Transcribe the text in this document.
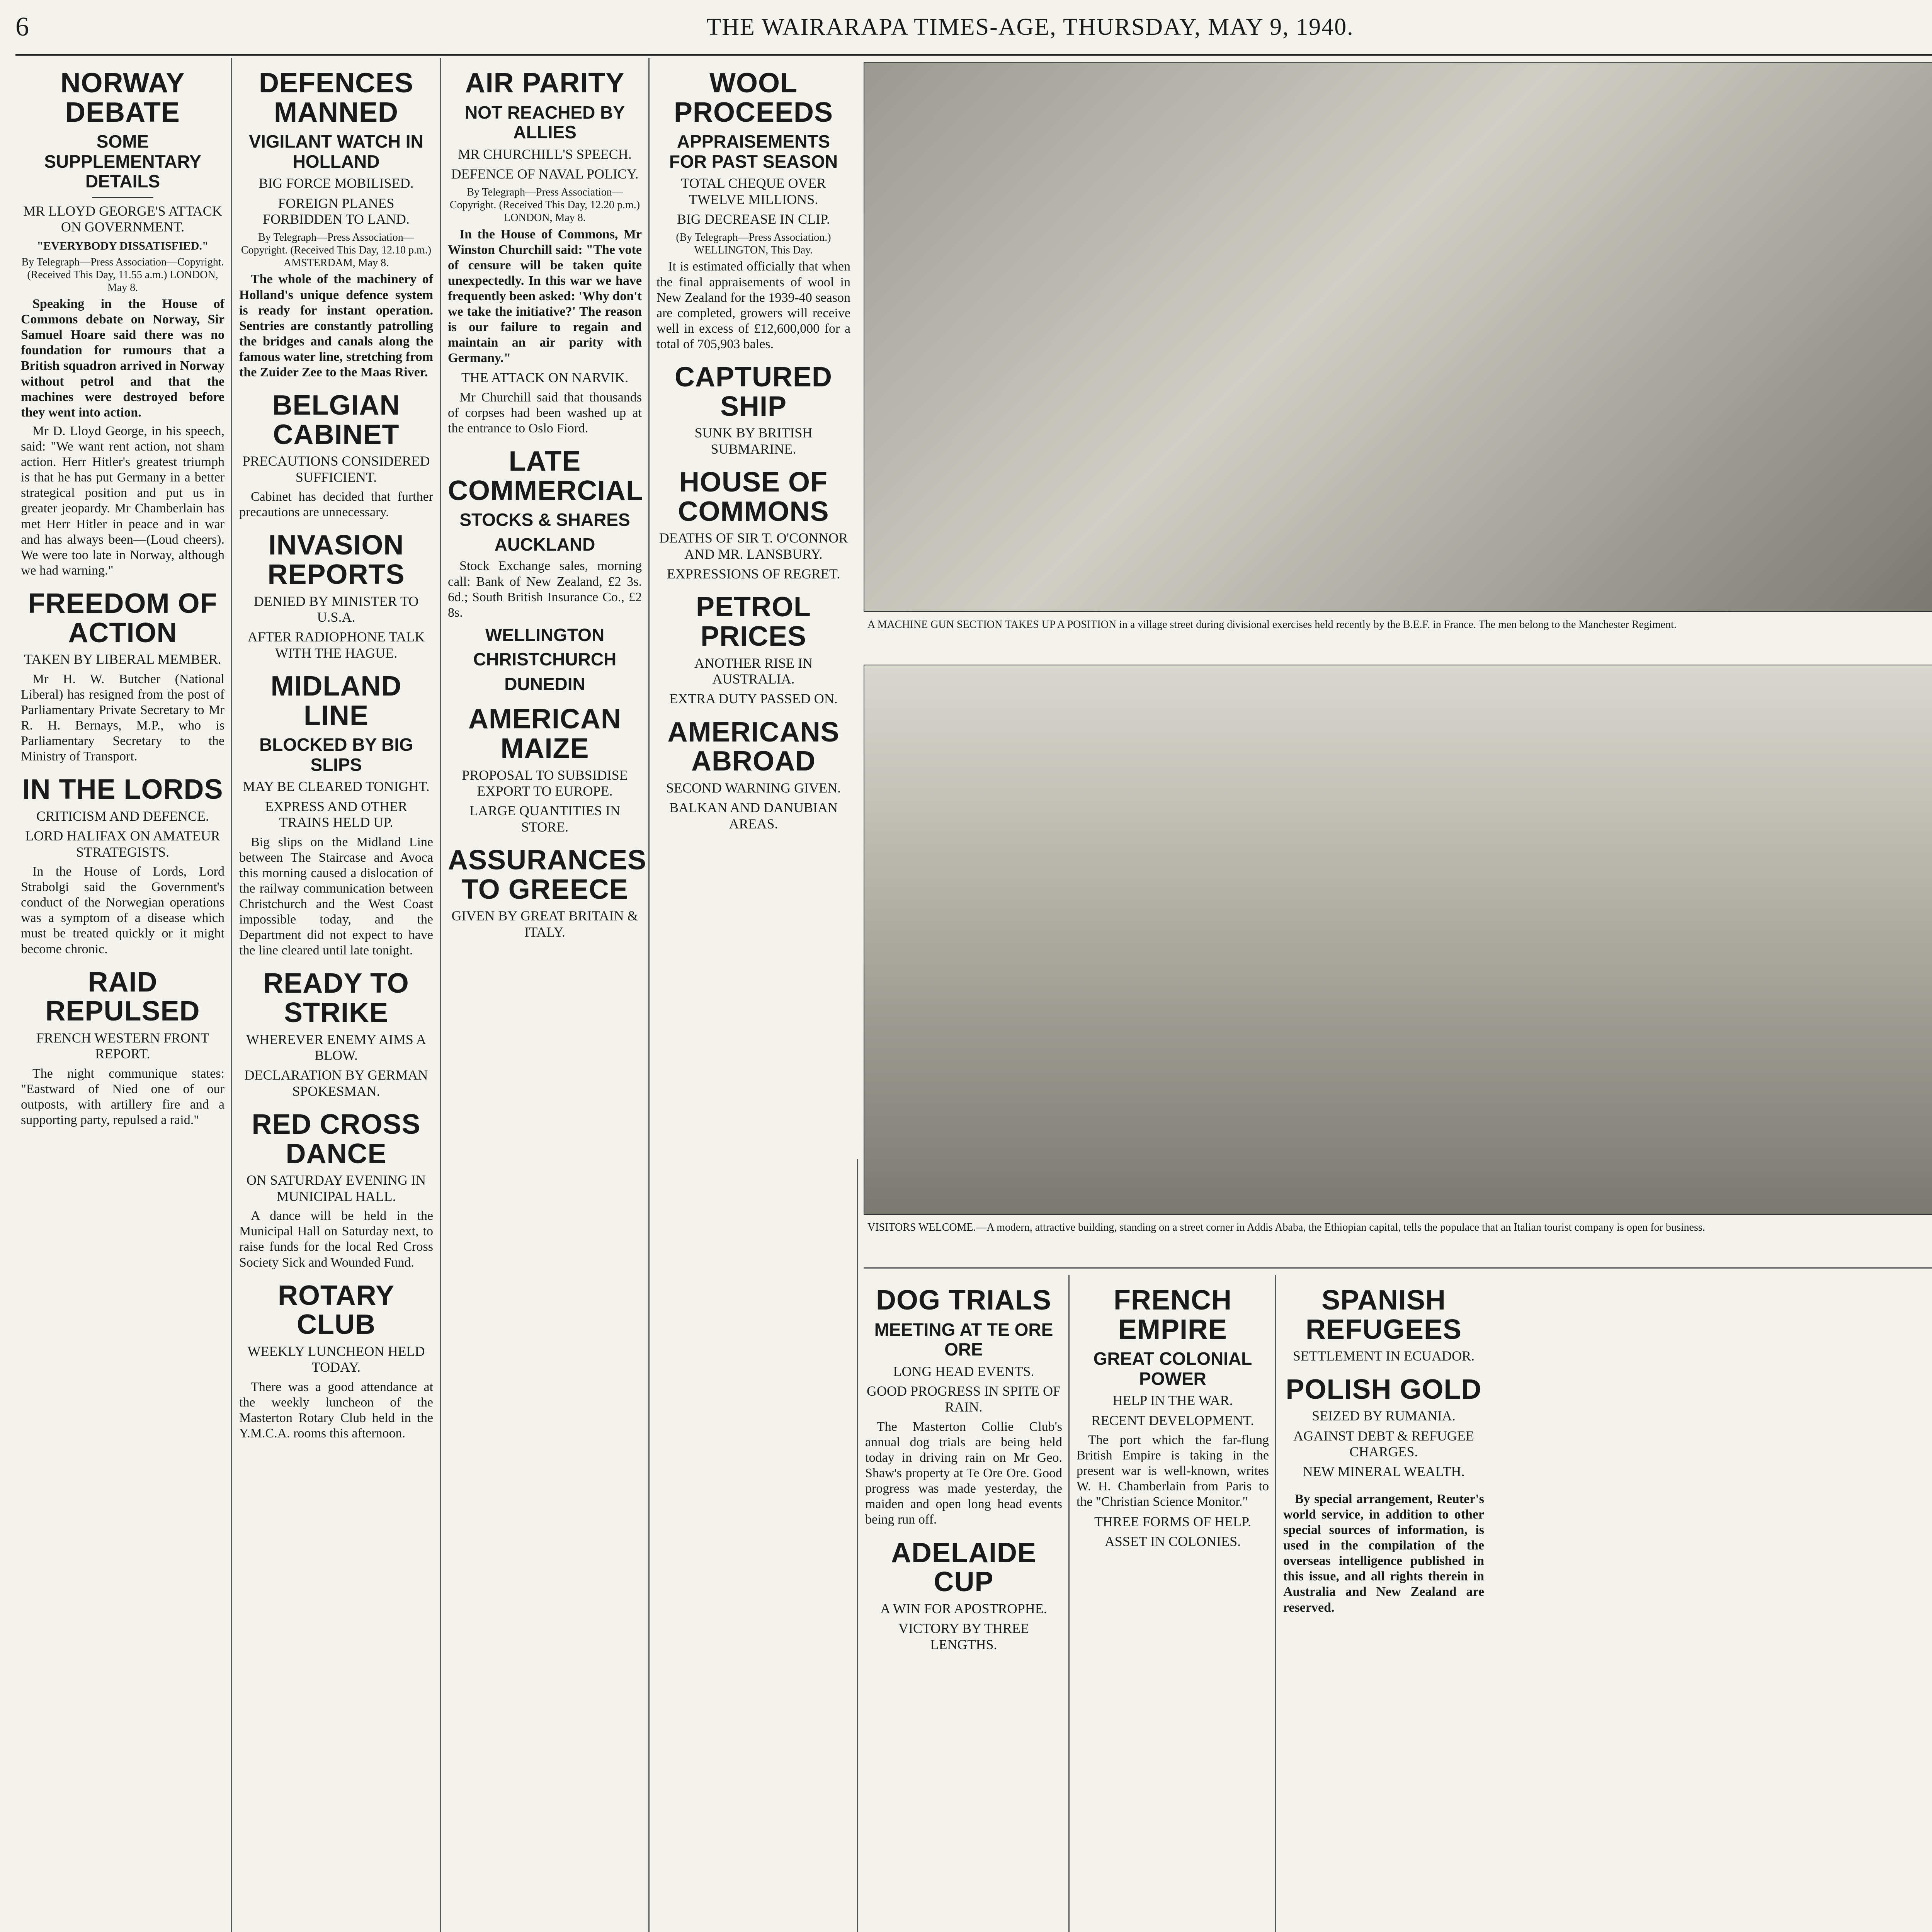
6	THE WAIRARAPA TIMES-AGE, THURSDAY, MAY 9, 1940.
NORWAY DEBATE
SOME SUPPLEMENTARY DETAILS
MR LLOYD GEORGE'S ATTACK ON GOVERNMENT.
"EVERYBODY DISSATISFIED."
By Telegraph—Press Association—Copyright. (Received This Day, 11.55 a.m.) LONDON, May 8.

Speaking in the House of Commons debate on Norway, Sir Samuel Hoare said there was no foundation for rumours that a British squadron arrived in Norway without petrol and that the machines were destroyed before they went into action.

Mr D. Lloyd George, in his speech, said: "We want rent action, not sham action. Herr Hitler's greatest triumph is that he has put Germany in a better strategical position and put us in greater jeopardy. Mr Chamberlain has met Herr Hitler in peace and in war and has always been—(Loud cheers). We were too late in Norway, although we had warning."

FREEDOM OF ACTION
TAKEN BY LIBERAL MEMBER.

Mr H. W. Butcher (National Liberal) has resigned from the post of Parliamentary Private Secretary to Mr R. H. Bernays, M.P., who is Parliamentary Secretary to the Ministry of Transport.

IN THE LORDS
CRITICISM AND DEFENCE.
LORD HALIFAX ON AMATEUR STRATEGISTS.

In the House of Lords, Lord Strabolgi said the Government's conduct of the Norwegian operations was a symptom of a disease which must be treated quickly or it might become chronic.

RAID REPULSED
FRENCH WESTERN FRONT REPORT.

The night communique states: "Eastward of Nied one of our outposts, with artillery fire and a supporting party, repulsed a raid."

DEFENCES MANNED
VIGILANT WATCH IN HOLLAND
BIG FORCE MOBILISED.
FOREIGN PLANES FORBIDDEN TO LAND.
By Telegraph—Press Association—Copyright. (Received This Day, 12.10 p.m.) AMSTERDAM, May 8.

The whole of the machinery of Holland's unique defence system is ready for instant operation. Sentries are constantly patrolling the bridges and canals along the famous water line, stretching from the Zuider Zee to the Maas River.

BELGIAN CABINET
PRECAUTIONS CONSIDERED SUFFICIENT.

Cabinet has decided that further precautions are unnecessary.

INVASION REPORTS
DENIED BY MINISTER TO U.S.A.
AFTER RADIOPHONE TALK WITH THE HAGUE.
MIDLAND LINE
BLOCKED BY BIG SLIPS
MAY BE CLEARED TONIGHT.
EXPRESS AND OTHER TRAINS HELD UP.

Big slips on the Midland Line between The Staircase and Avoca this morning caused a dislocation of the railway communication between Christchurch and the West Coast impossible today, and the Department did not expect to have the line cleared until late tonight.

READY TO STRIKE
WHEREVER ENEMY AIMS A BLOW.
DECLARATION BY GERMAN SPOKESMAN.
RED CROSS DANCE
ON SATURDAY EVENING IN MUNICIPAL HALL.

A dance will be held in the Municipal Hall on Saturday next, to raise funds for the local Red Cross Society Sick and Wounded Fund.

ROTARY CLUB
WEEKLY LUNCHEON HELD TODAY.

There was a good attendance at the weekly luncheon of the Masterton Rotary Club held in the Y.M.C.A. rooms this afternoon.

AIR PARITY
NOT REACHED BY ALLIES
MR CHURCHILL'S SPEECH.
DEFENCE OF NAVAL POLICY.
By Telegraph—Press Association—Copyright. (Received This Day, 12.20 p.m.) LONDON, May 8.

In the House of Commons, Mr Winston Churchill said: "The vote of censure will be taken quite unexpectedly. In this war we have frequently been asked: 'Why don't we take the initiative?' The reason is our failure to regain and maintain an air parity with Germany."

THE ATTACK ON NARVIK.

Mr Churchill said that thousands of corpses had been washed up at the entrance to Oslo Fiord.

LATE COMMERCIAL
STOCKS & SHARES
AUCKLAND

Stock Exchange sales, morning call: Bank of New Zealand, £2 3s. 6d.; South British Insurance Co., £2 8s.

WELLINGTON
CHRISTCHURCH
DUNEDIN
AMERICAN MAIZE
PROPOSAL TO SUBSIDISE EXPORT TO EUROPE.
LARGE QUANTITIES IN STORE.
ASSURANCES TO GREECE
GIVEN BY GREAT BRITAIN & ITALY.
WOOL PROCEEDS
APPRAISEMENTS FOR PAST SEASON
TOTAL CHEQUE OVER TWELVE MILLIONS.
BIG DECREASE IN CLIP.
(By Telegraph—Press Association.) WELLINGTON, This Day.

It is estimated officially that when the final appraisements of wool in New Zealand for the 1939-40 season are completed, growers will receive well in excess of £12,600,000 for a total of 705,903 bales.

CAPTURED SHIP
SUNK BY BRITISH SUBMARINE.
HOUSE OF COMMONS
DEATHS OF SIR T. O'CONNOR AND MR. LANSBURY.
EXPRESSIONS OF REGRET.
PETROL PRICES
ANOTHER RISE IN AUSTRALIA.
EXTRA DUTY PASSED ON.
AMERICANS ABROAD
SECOND WARNING GIVEN.
BALKAN AND DANUBIAN AREAS.
A MACHINE GUN SECTION TAKES UP A POSITION in a village street during divisional exercises held recently by the B.E.F. in France. The men belong to the Manchester Regiment.
VISITORS WELCOME.—A modern, attractive building, standing on a street corner in Addis Ababa, the Ethiopian capital, tells the populace that an Italian tourist company is open for business.
DOG TRIALS
MEETING AT TE ORE ORE
LONG HEAD EVENTS.
GOOD PROGRESS IN SPITE OF RAIN.

The Masterton Collie Club's annual dog trials are being held today in driving rain on Mr Geo. Shaw's property at Te Ore Ore. Good progress was made yesterday, the maiden and open long head events being run off.

ADELAIDE CUP
A WIN FOR APOSTROPHE.
VICTORY BY THREE LENGTHS.
FRENCH EMPIRE
GREAT COLONIAL POWER
HELP IN THE WAR.
RECENT DEVELOPMENT.

The port which the far-flung British Empire is taking in the present war is well-known, writes W. H. Chamberlain from Paris to the "Christian Science Monitor."

THREE FORMS OF HELP.
ASSET IN COLONIES.
SPANISH REFUGEES
SETTLEMENT IN ECUADOR.
POLISH GOLD
SEIZED BY RUMANIA.
AGAINST DEBT & REFUGEE CHARGES.
NEW MINERAL WEALTH.

By special arrangement, Reuter's world service, in addition to other special sources of information, is used in the compilation of the overseas intelligence published in this issue, and all rights therein in Australia and New Zealand are reserved.
